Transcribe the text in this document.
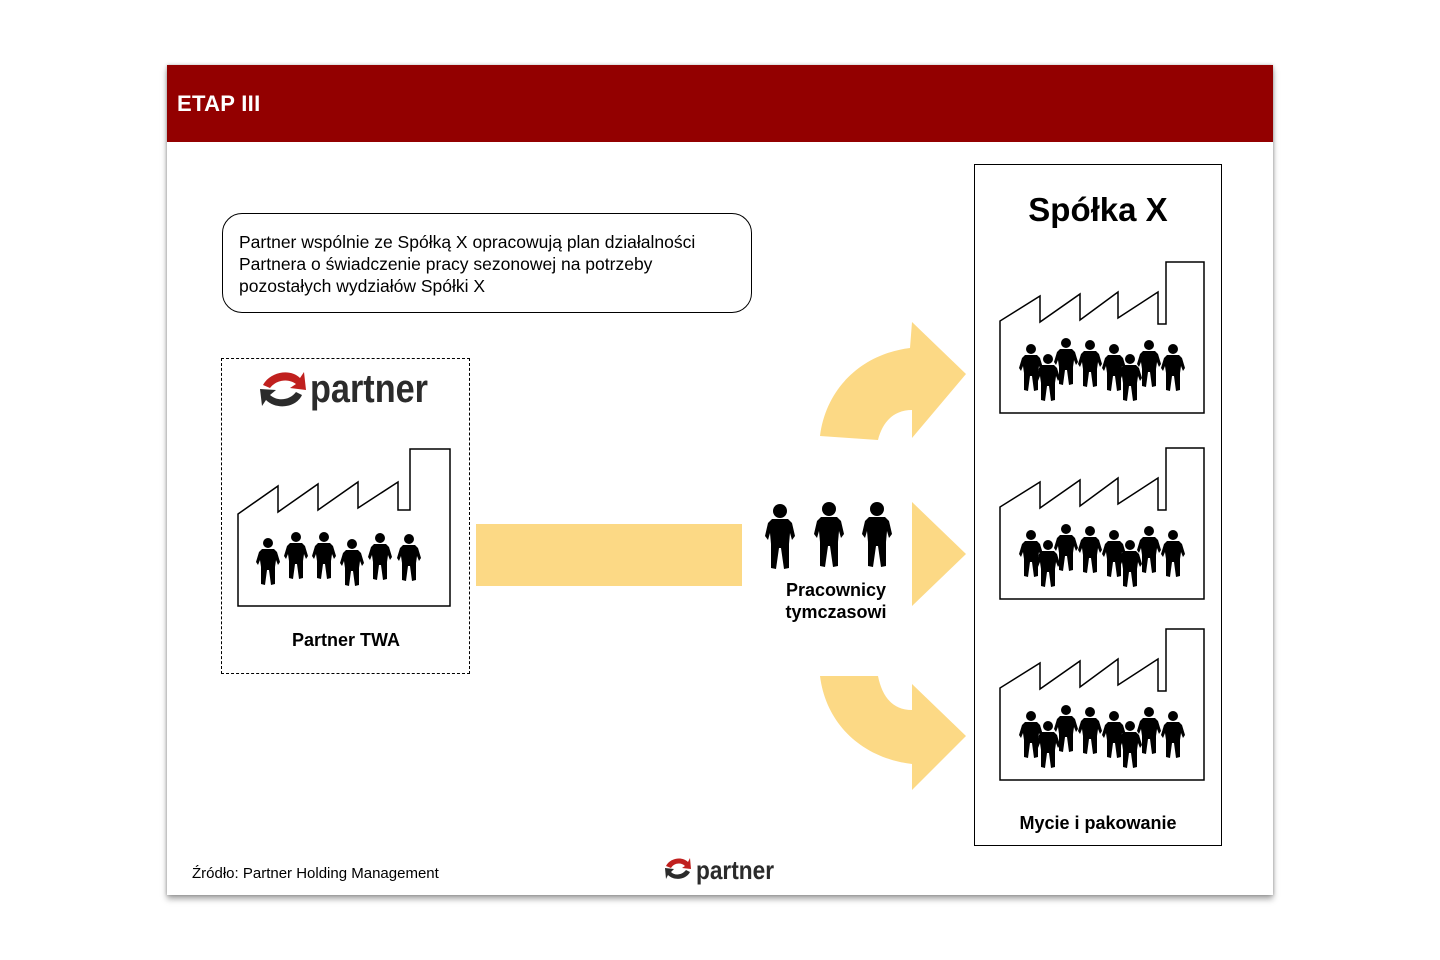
ETAP III
Partner wspólnie ze Spółką X opracowują plan działalności
Partnera o świadczenie pracy sezonowej na potrzeby
pozostałych wydziałów Spółki X
partner
Partner TWA
Pracownicy
tymczasowi
partner
Spółka X
Mycie i pakowanie
Źródło: Partner Holding Management
